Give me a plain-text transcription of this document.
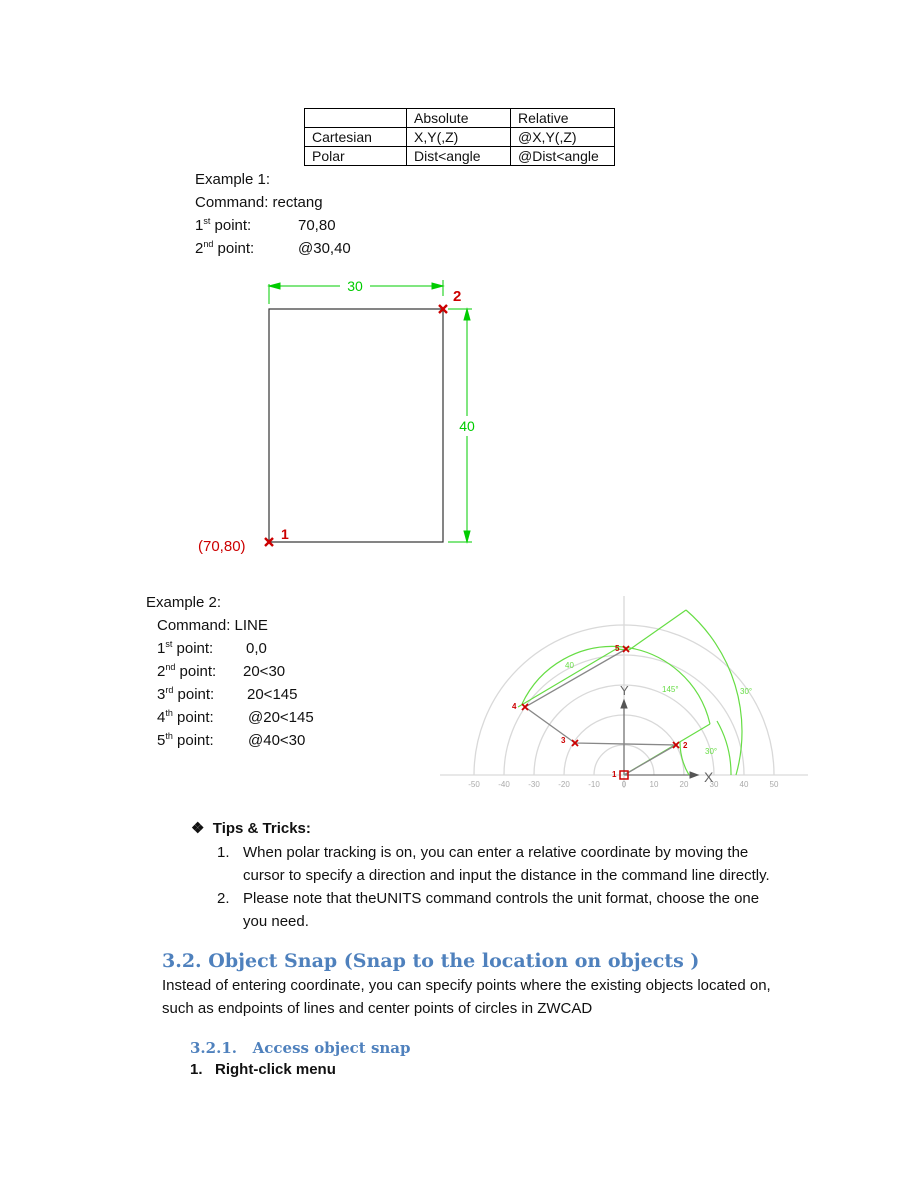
	Absolute	Relative
Cartesian	X,Y(,Z)	@X,Y(,Z)
Polar	Dist<angle	@Dist<angle
Example 1:
Command: rectang
1st point:	70,80
2nd point:	@30,40
30
40
1
2
(70,80)
Example 2:
Command: LINE
1st point: 0,0
2nd point: 20<30
3rd point: 20<145
4th point: @20<145
5th point: @40<30
-50 -40 -30 -20 -10	0	10	20	30	40	50
Y
X
30°
145°	30°
40
1
2
3
4
5
❖ Tips & Tricks:
1. When polar tracking is on, you can enter a relative coordinate by moving the
cursor to specify a direction and input the distance in the command line directly.
2. Please note that theUNITS command controls the unit format, choose the one
you need.
3.2. Object Snap (Snap to the location on objects )
Instead of entering coordinate, you can specify points where the existing objects located on,
such as endpoints of lines and center points of circles in ZWCAD
3.2.1.   Access object snap
1.   Right-click menu
